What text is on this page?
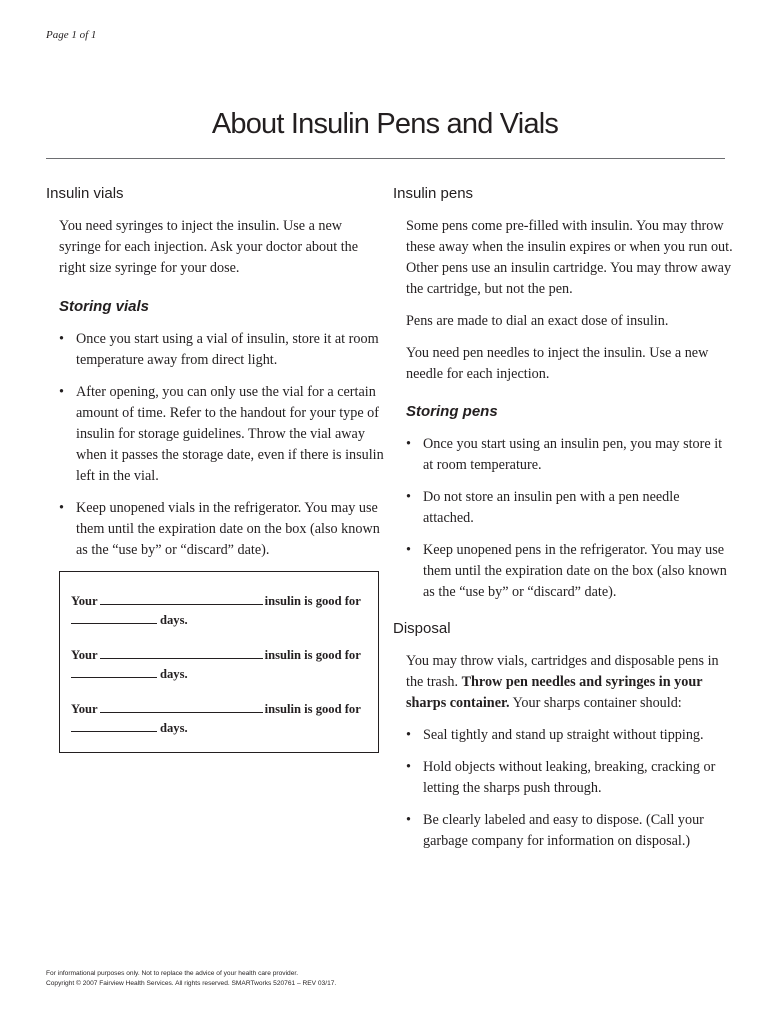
Page 1 of 1
About Insulin Pens and Vials
Insulin vials

You need syringes to inject the insulin. Use a new syringe for each injection. Ask your doctor about the right size syringe for your dose.

Storing vials
• Once you start using a vial of insulin, store it at room temperature away from direct light.
• After opening, you can only use the vial for a certain amount of time. Refer to the handout for your type of insulin for storage guidelines. Throw the vial away when it passes the storage date, even if there is insulin left in the vial.
• Keep unopened vials in the refrigerator. You may use them until the expiration date on the box (also known as the “use by” or “discard” date).
Your	insulin is good for
days.
Your	insulin is good for
days.
Your	insulin is good for
days.
Insulin pens

Some pens come pre-filled with insulin. You may throw these away when the insulin expires or when you run out. Other pens use an insulin cartridge. You may throw away the cartridge, but not the pen.

Pens are made to dial an exact dose of insulin.

You need pen needles to inject the insulin. Use a new needle for each injection.

Storing pens
• Once you start using an insulin pen, you may store it at room temperature.
• Do not store an insulin pen with a pen needle attached.
• Keep unopened pens in the refrigerator. You may use them until the expiration date on the box (also known as the “use by” or “discard” date).
Disposal

You may throw vials, cartridges and disposable pens in the trash. Throw pen needles and syringes in your sharps container. Your sharps container should:

• Seal tightly and stand up straight without tipping.
• Hold objects without leaking, breaking, cracking or letting the sharps push through.
• Be clearly labeled and easy to dispose. (Call your garbage company for information on disposal.)
For informational purposes only. Not to replace the advice of your health care provider.
Copyright © 2007 Fairview Health Services. All rights reserved. SMARTworks 520761 – REV 03/17.
